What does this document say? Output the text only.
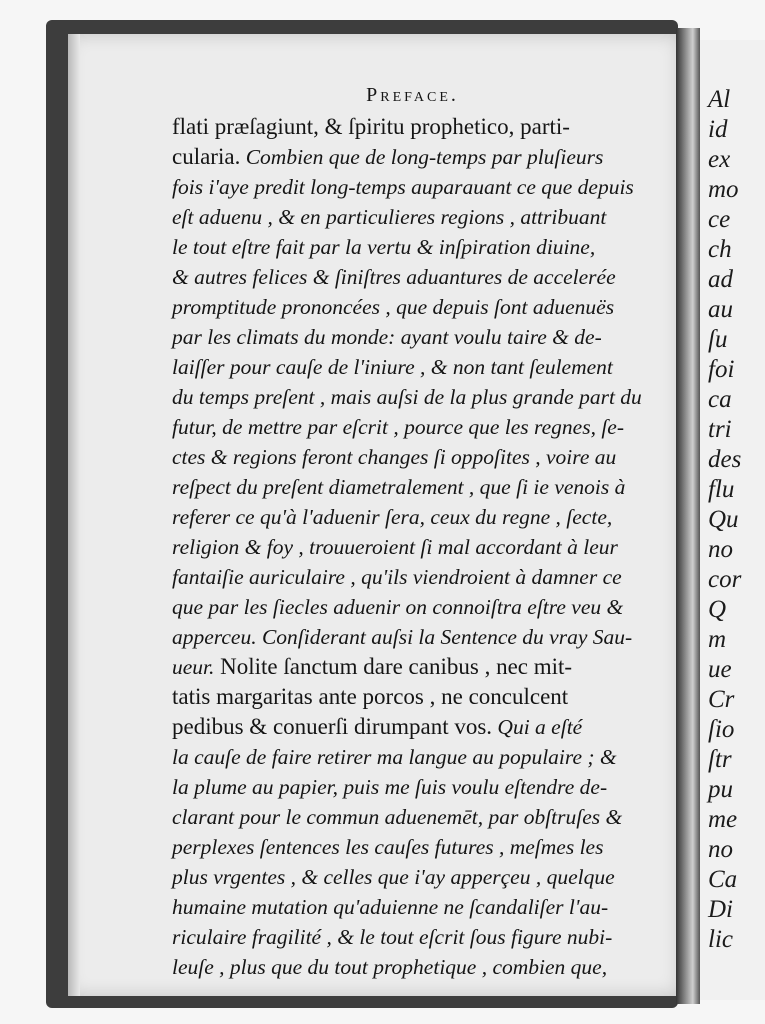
Al
id
ex
mo
ce
ch
ad
au
ſu
foi
ca
tri
des
flu
Qu
no
cor
Q
m
ue
Cr
ſio
ſtr
pu
me
no
Ca
Di
lic
Preface.
flati præſagiunt, & ſpiritu prophetico, parti-
cularia. Combien que de long-temps par pluſieurs
fois i'aye predit long-temps auparauant ce que depuis
eſt aduenu , & en particulieres regions , attribuant
le tout eſtre fait par la vertu & inſpiration diuine,
& autres felices & ſiniſtres aduantures de accelerée
promptitude prononcées , que depuis ſont aduenuës
par les climats du monde: ayant voulu taire & de-
laiſſer pour cauſe de l'iniure , & non tant ſeulement
du temps preſent , mais auſsi de la plus grande part du
futur, de mettre par eſcrit , pource que les regnes, ſe-
ctes & regions feront changes ſi oppoſites , voire au
reſpect du preſent diametralement , que ſi ie venois à
referer ce qu'à l'aduenir ſera, ceux du regne , ſecte,
religion & foy , trouueroient ſi mal accordant à leur
fantaiſie auriculaire , qu'ils viendroient à damner ce
que par les ſiecles aduenir on connoiſtra eſtre veu &
apperceu. Conſiderant auſsi la Sentence du vray Sau-
ueur. Nolite ſanctum dare canibus , nec mit-
tatis margaritas ante porcos , ne conculcent
pedibus & conuerſi dirumpant vos. Qui a eſté
la cauſe de faire retirer ma langue au populaire ; &
la plume au papier, puis me ſuis voulu eſtendre de-
clarant pour le commun aduenemēt, par obſtruſes &
perplexes ſentences les cauſes futures , meſmes les
plus vrgentes , & celles que i'ay apperçeu , quelque
humaine mutation qu'aduienne ne ſcandaliſer l'au-
riculaire fragilité , & le tout eſcrit ſous figure nubi-
leuſe , plus que du tout prophetique , combien que,
